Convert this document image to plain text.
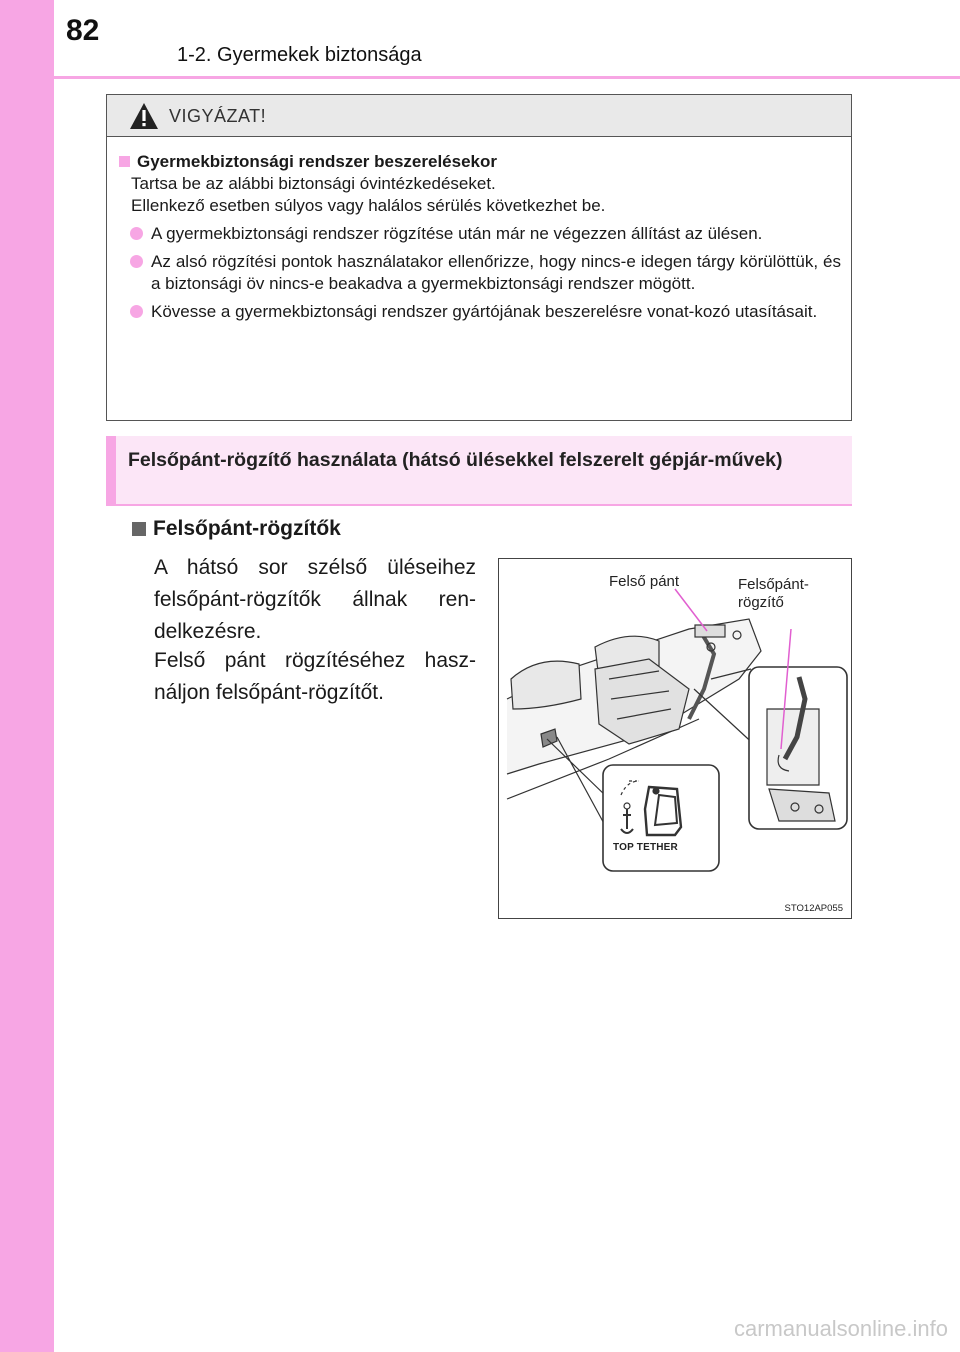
82
1-2. Gyermekek biztonsága
VIGYÁZAT!
Gyermekbiztonsági rendszer beszerelésekor
Tartsa be az alábbi biztonsági óvintézkedéseket.
Ellenkező esetben súlyos vagy halálos sérülés következhet be.
A gyermekbiztonsági rendszer rögzítése után már ne végezzen állítást az ülésen.
Az alsó rögzítési pontok használatakor ellenőrizze, hogy nincs-e idegen tárgy körülöttük, és a biztonsági öv nincs-e beakadva a gyermekbiztonsági rendszer mögött.
Kövesse a gyermekbiztonsági rendszer gyártójának beszerelésre vonat-kozó utasításait.
Felsőpánt-rögzítő használata (hátsó ülésekkel felszerelt gépjár-művek)
Felsőpánt-rögzítők
A hátsó sor szélső üléseihez felsőpánt-rögzítők állnak ren-delkezésre.
Felső pánt rögzítéséhez hasz-náljon felsőpánt-rögzítőt.
Felső pánt	Felsőpánt-rögzítő
TOP TETHER
STO12AP055
carmanualsonline.info
